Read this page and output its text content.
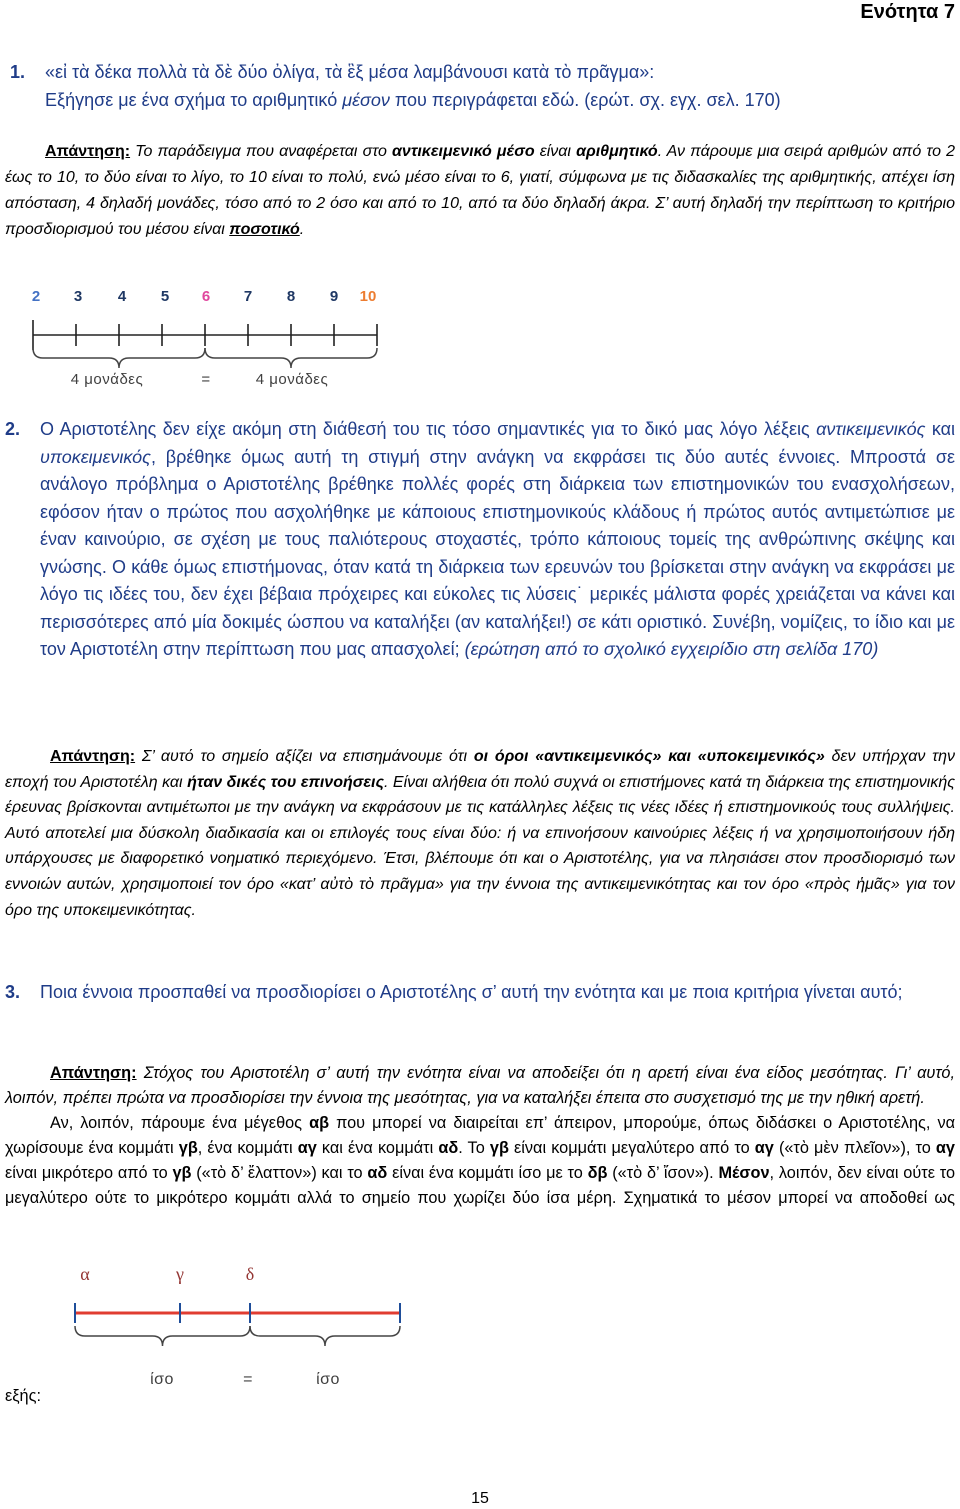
Ενότητα 7
1.	«εἰ τὰ δέκα πολλὰ τὰ δὲ δύο ὀλίγα, τὰ ἓξ μέσα λαμβάνουσι κατὰ τὸ πρᾶγμα»:
Εξήγησε με ένα σχήμα το αριθμητικό μέσον που περιγράφεται εδώ. (ερώτ. σχ. εγχ. σελ. 170)
Απάντηση: Το παράδειγμα που αναφέρεται στο αντικειμενικό μέσο είναι αριθμητικό. Αν πάρουμε μια σειρά αριθμών από το 2 έως το 10, το δύο είναι το λίγο, το 10 είναι το πολύ, ενώ μέσο είναι το 6, γιατί, σύμφωνα με τις διδασκαλίες της αριθμητικής, απέχει ίση απόσταση, 4 δηλαδή μονάδες, τόσο από το 2 όσο και από το 10, από τα δύο δηλαδή άκρα. Σ’ αυτή δηλαδή την περίπτωση το κριτήριο προσδιορισμού του μέσου είναι ποσοτικό.
2 3 4 5 6 7 8 9 10
4 μονάδες	=	4 μονάδες
2.	Ο Αριστοτέλης δεν είχε ακόμη στη διάθεσή του τις τόσο σημαντικές για το δικό μας λόγο λέξεις αντικειμενικός και υποκειμενικός, βρέθηκε όμως αυτή τη στιγμή στην ανάγκη να εκφράσει τις δύο αυτές έννοιες. Μπροστά σε ανάλογο πρόβλημα ο Αριστοτέλης βρέθηκε πολλές φορές στη διάρκεια των επιστημονικών του ενασχολήσεων, εφόσον ήταν ο πρώτος που ασχολήθηκε με κάποιους επιστημονικούς κλάδους ή πρώτος αυτός αντιμετώπισε με έναν καινούριο, σε σχέση με τους παλιότερους στοχαστές, τρόπο κάποιους τομείς της ανθρώπινης σκέψης και γνώσης. Ο κάθε όμως επιστήμονας, όταν κατά τη διάρκεια των ερευνών του βρίσκεται στην ανάγκη να εκφράσει με λόγο τις ιδέες του, δεν έχει βέβαια πρόχειρες και εύκολες τις λύσεις˙ μερικές μάλιστα φορές χρειάζεται να κάνει και περισσότερες από μία δοκιμές ώσπου να καταλήξει (αν καταλήξει!) σε κάτι οριστικό. Συνέβη, νομίζεις, το ίδιο και με τον Αριστοτέλη στην περίπτωση που μας απασχολεί; (ερώτηση από το σχολικό εγχειρίδιο στη σελίδα 170)
Απάντηση: Σ’ αυτό το σημείο αξίζει να επισημάνουμε ότι οι όροι «αντικειμενικός» και «υποκειμενικός» δεν υπήρχαν την εποχή του Αριστοτέλη και ήταν δικές του επινοήσεις. Είναι αλήθεια ότι πολύ συχνά οι επιστήμονες κατά τη διάρκεια της επιστημονικής έρευνας βρίσκονται αντιμέτωποι με την ανάγκη να εκφράσουν με τις κατάλληλες λέξεις τις νέες ιδέες ή επιστημονικούς τους συλλήψεις. Αυτό αποτελεί μια δύσκολη διαδικασία και οι επιλογές τους είναι δύο: ή να επινοήσουν καινούριες λέξεις ή να χρησιμοποιήσουν ήδη υπάρχουσες με διαφορετικό νοηματικό περιεχόμενο. Έτσι, βλέπουμε ότι και ο Αριστοτέλης, για να πλησιάσει στον προσδιορισμό των εννοιών αυτών, χρησιμοποιεί τον όρο «κατ’ αὐτὸ τὸ πρᾶγμα» για την έννοια της αντικειμενικότητας και τον όρο «πρὸς ἡμᾶς» για τον όρο της υποκειμενικότητας.
3.	Ποια έννοια προσπαθεί να προσδιορίσει ο Αριστοτέλης σ’ αυτή την ενότητα και με ποια κριτήρια γίνεται αυτό;

Απάντηση: Στόχος του Αριστοτέλη σ’ αυτή την ενότητα είναι να αποδείξει ότι η αρετή είναι ένα είδος μεσότητας. Γι’ αυτό, λοιπόν, πρέπει πρώτα να προσδιορίσει την έννοια της μεσότητας, για να καταλήξει έπειτα στο συσχετισμό της με την ηθική αρετή.

Αν, λοιπόν, πάρουμε ένα μέγεθος αβ που μπορεί να διαιρείται επ’ άπειρον, μπορούμε, όπως διδάσκει ο Αριστοτέλης, να χωρίσουμε ένα κομμάτι γβ, ένα κομμάτι αγ και ένα κομμάτι αδ. Το γβ είναι κομμάτι μεγαλύτερο από το αγ («τὸ μὲν πλεῖον»), το αγ είναι μικρότερο από το γβ («τὸ δ’ ἔλαττον») και το αδ είναι ένα κομμάτι ίσο με το δβ («τὸ δ’ ἴσον»). Μέσον, λοιπόν, δεν είναι ούτε το μεγαλύτερο ούτε το μικρότερο κομμάτι αλλά το σημείο που χωρίζει δύο ίσα μέρη. Σχηματικά το μέσον μπορεί να αποδοθεί ως

α	γ	δ
ίσο	=	ίσο
εξής:
15
